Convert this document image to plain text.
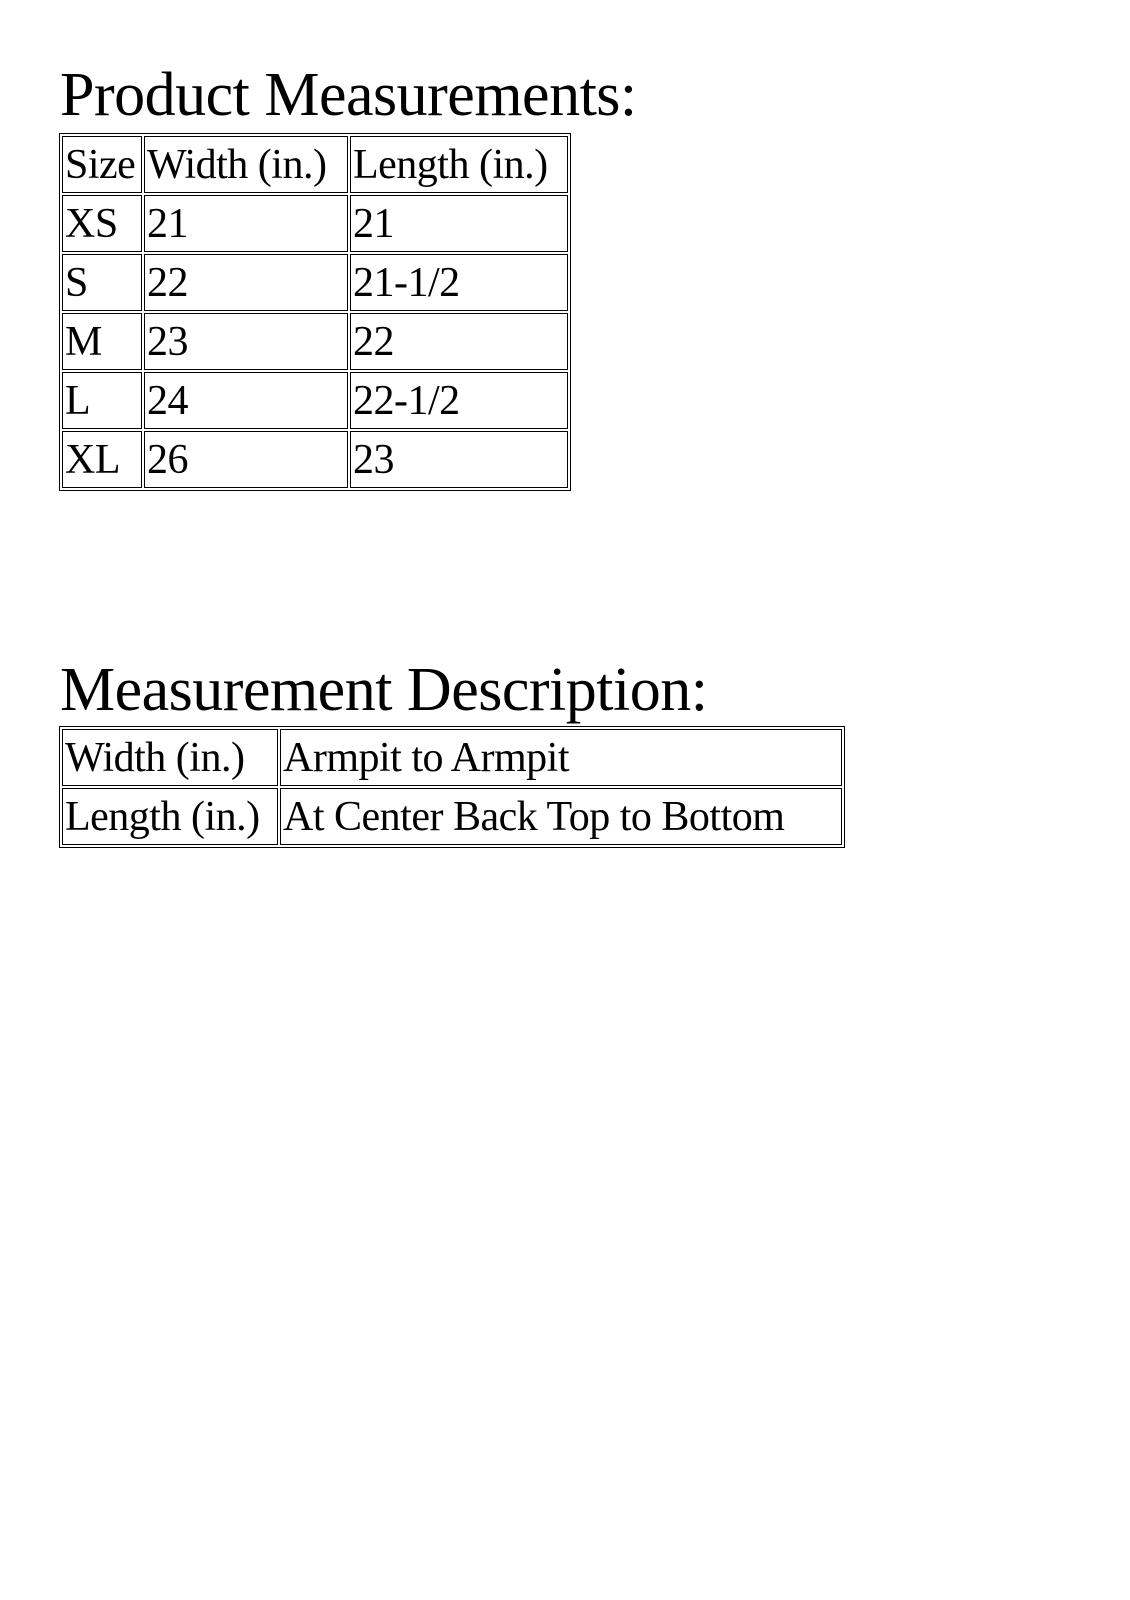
Product Measurements:
Size	Width (in.)	Length (in.)
XS	21	21
S	22	21-1/2
M	23	22
L	24	22-1/2
XL	26	23
Measurement Description:
Width (in.)	Armpit to Armpit
Length (in.)	At Center Back Top to Bottom
